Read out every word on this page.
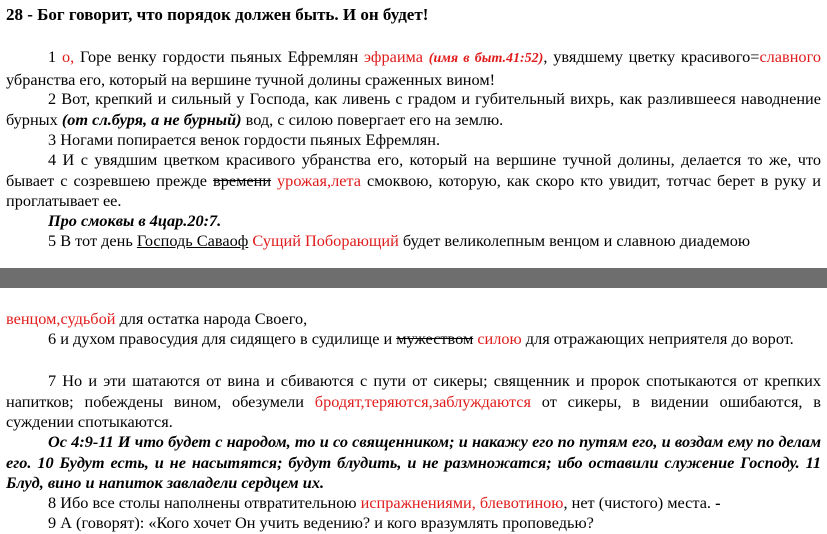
28 - Бог говорит, что порядок должен быть. И он будет!

1 о, Горе венку гордости пьяных Ефремлян эфраима (имя в быт.41:52), увядшему цветку красивого=славного убранства его, который на вершине тучной долины сраженных вином!

2 Вот, крепкий и сильный у Господа, как ливень с градом и губительный вихрь, как разлившееся наводнение бурных (от сл.буря, а не бурный) вод, с силою повергает его на землю.

3 Ногами попирается венок гордости пьяных Ефремлян.

4 И с увядшим цветком красивого убранства его, который на вершине тучной долины, делается то же, что бывает с созревшею прежде времени урожая,лета смоквою, которую, как скоро кто увидит, тотчас берет в руку и проглатывает ее.

Про смоквы в 4цар.20:7.

5 В тот день Господь Саваоф Сущий Поборающий будет великолепным венцом и славною диадемою

венцом,судьбой для остатка народа Своего,

6 и духом правосудия для сидящего в судилище и мужеством силою для отражающих неприятеля до ворот.

7 Но и эти шатаются от вина и сбиваются с пути от сикеры; священник и пророк спотыкаются от крепких напитков; побеждены вином, обезумели бродят,теряются,заблуждаются от сикеры, в видении ошибаются, в суждении спотыкаются.

Ос 4:9-11 И что будет с народом, то и со священником; и накажу его по путям его, и воздам ему по делам его. 10 Будут есть, и не насытятся; будут блудить, и не размножатся; ибо оставили служение Господу. 11 Блуд, вино и напиток завладели сердцем их.

8 Ибо все столы наполнены отвратительною испражнениями, блевотиною, нет (чистого) места. -

9 А (говорят): «Кого хочет Он учить ведению? и кого вразумлять проповедью?
